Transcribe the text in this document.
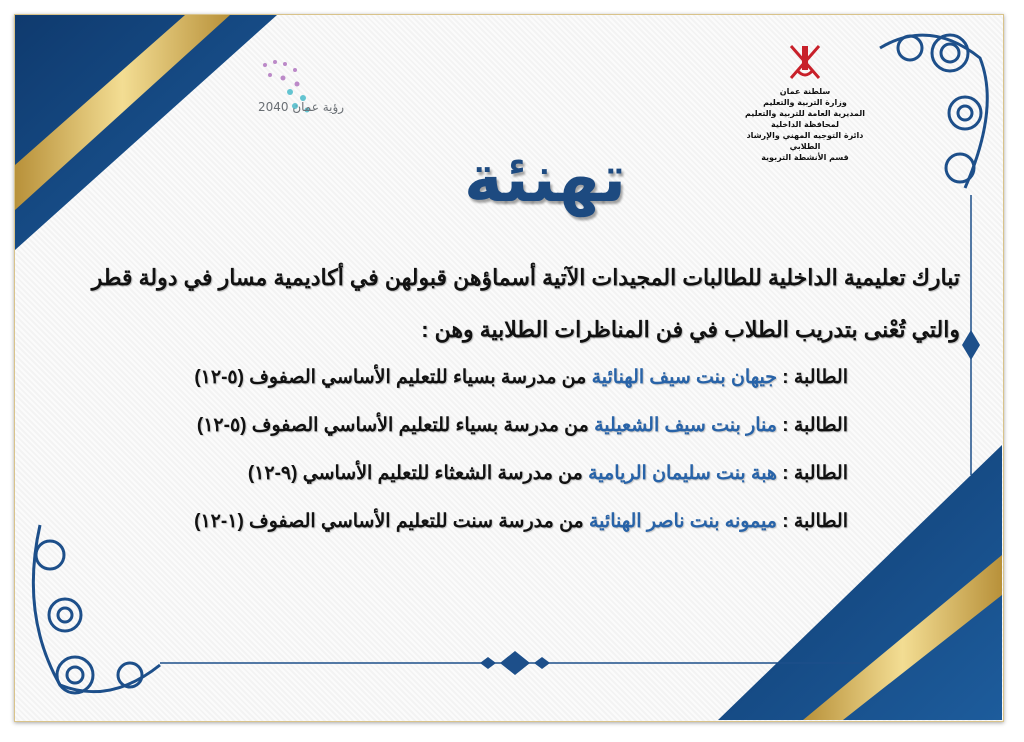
سلطنة عمان
وزارة التربية والتعليم
المديرية العامة للتربية والتعليم لمحافظة الداخلية
دائرة التوجيه المهني والإرشاد الطلابي
قسم الأنشطة التربوية
رؤية عمان 2040
تهنئة
تبارك تعليمية الداخلية للطالبات المجيدات الآتية أسماؤهن قبولهن في أكاديمية مسار في دولة قطر والتي تُعْنى بتدريب الطلاب في فن المناظرات الطلابية وهن :
الطالبة : جيهان بنت سيف الهنائية من مدرسة بسياء للتعليم الأساسي الصفوف (٥-١٢)
الطالبة : منار بنت سيف الشعيلية من مدرسة بسياء للتعليم الأساسي الصفوف (٥-١٢)
الطالبة : هبة بنت سليمان الريامية من مدرسة الشعثاء للتعليم الأساسي (٩-١٢)
الطالبة : ميمونه بنت ناصر الهنائية من مدرسة سنت للتعليم الأساسي الصفوف (١-١٢)
